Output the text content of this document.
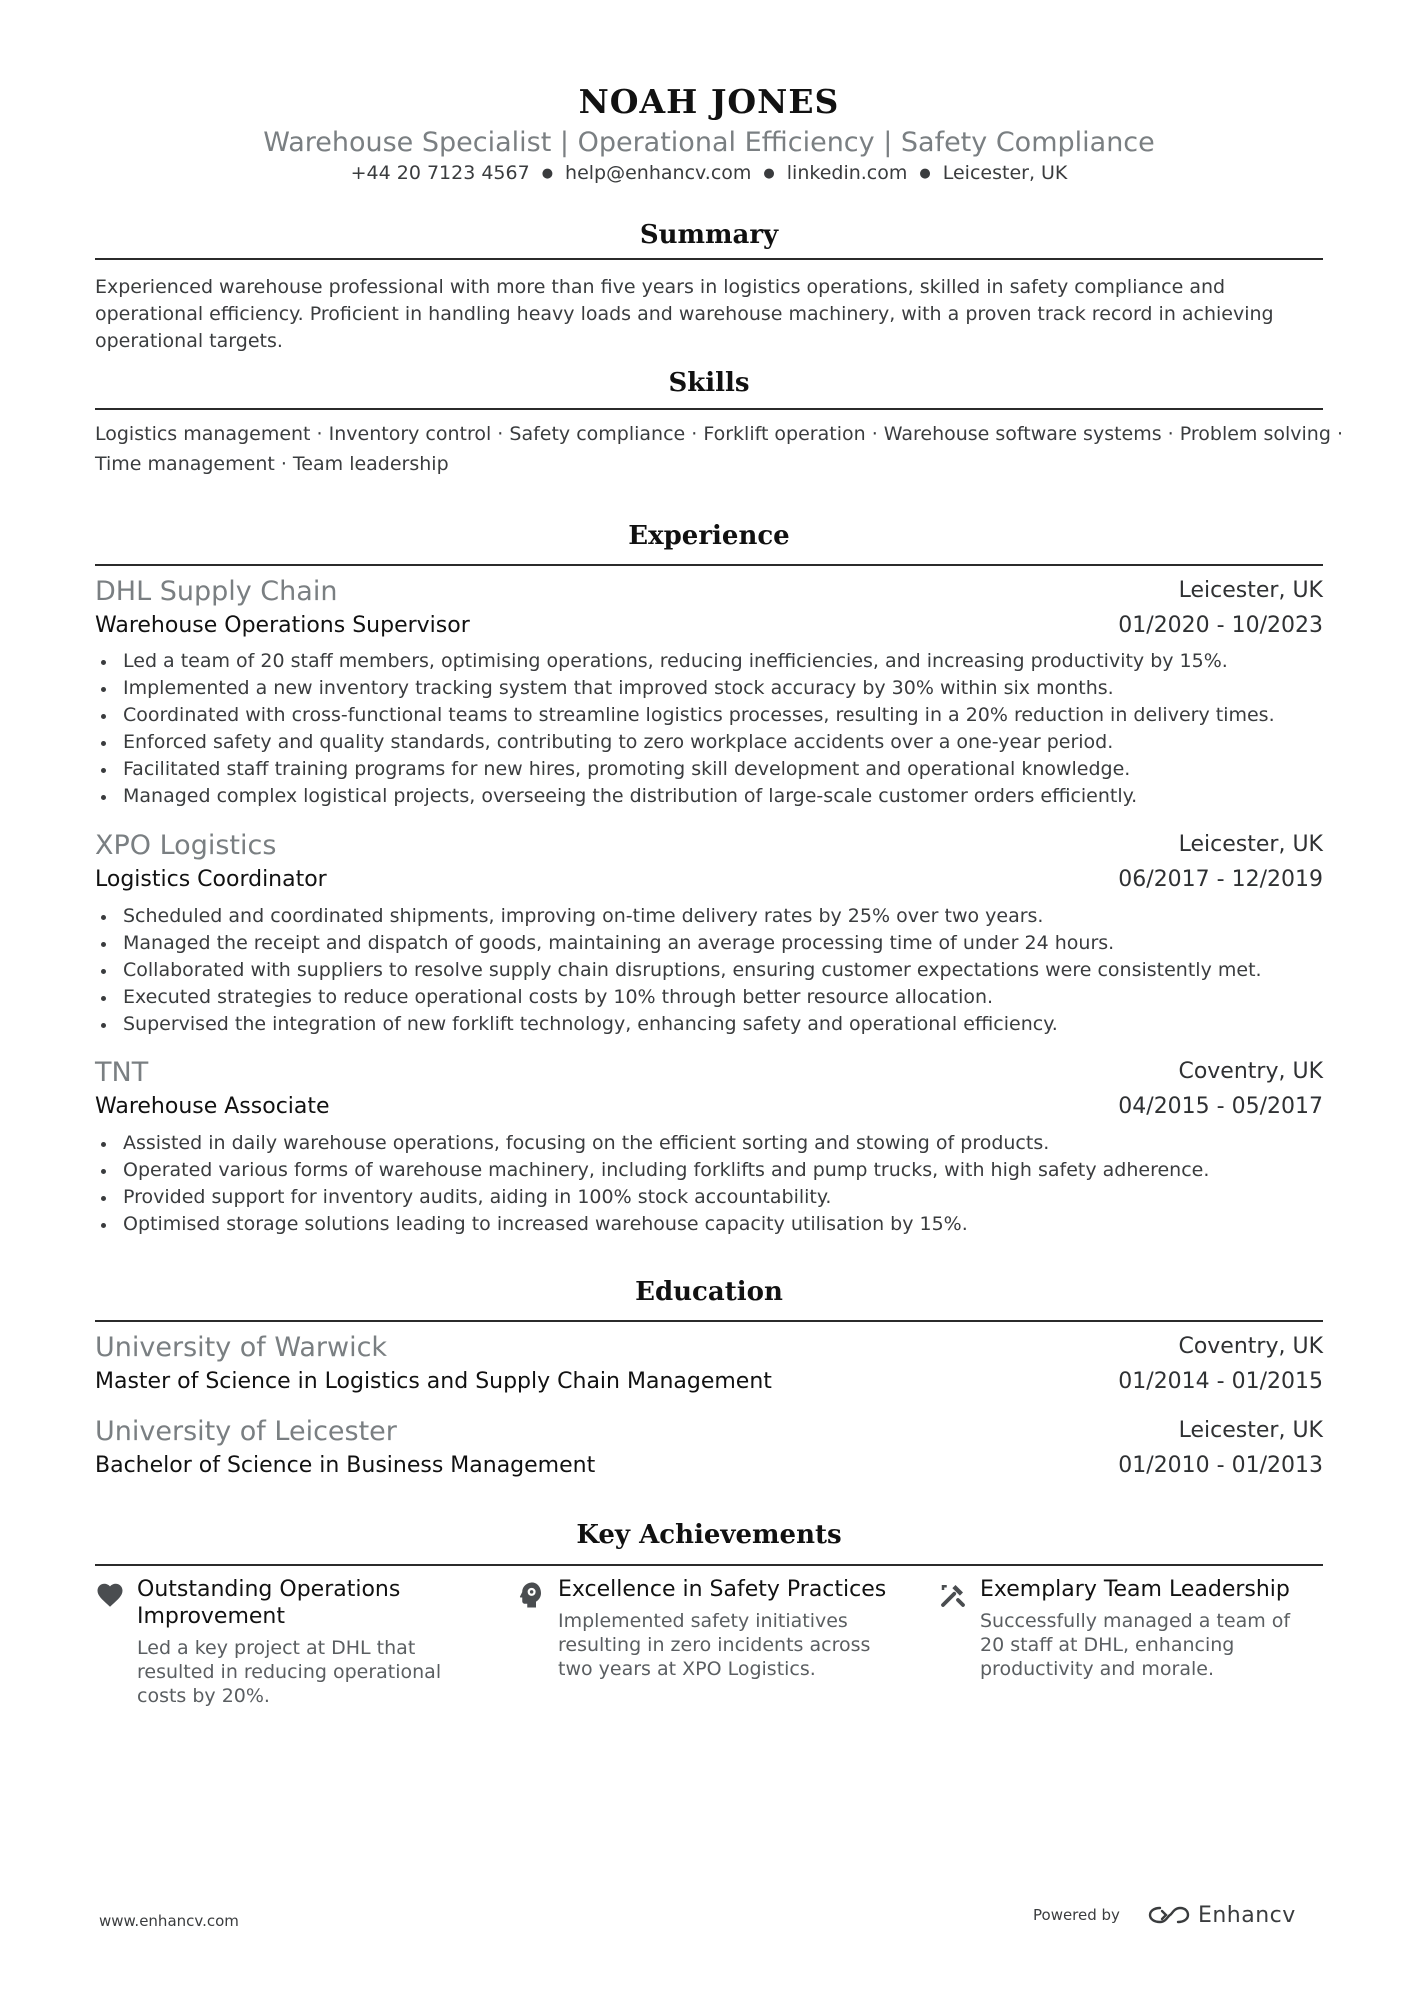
NOAH JONES
Warehouse Specialist | Operational Efficiency | Safety Compliance
+44 20 7123 4567 ● help@enhancv.com ● linkedin.com ● Leicester, UK
Summary
Experienced warehouse professional with more than five years in logistics operations, skilled in safety compliance and operational efficiency. Proficient in handling heavy loads and warehouse machinery, with a proven track record in achieving operational targets.
Skills
Logistics management · Inventory control · Safety compliance · Forklift operation · Warehouse software systems · Problem solving ·
Time management · Team leadership
Experience
DHL Supply Chain	Leicester, UK
Warehouse Operations Supervisor	01/2020 - 10/2023
Led a team of 20 staff members, optimising operations, reducing inefficiencies, and increasing productivity by 15%.
Implemented a new inventory tracking system that improved stock accuracy by 30% within six months.
Coordinated with cross-functional teams to streamline logistics processes, resulting in a 20% reduction in delivery times.
Enforced safety and quality standards, contributing to zero workplace accidents over a one-year period.
Facilitated staff training programs for new hires, promoting skill development and operational knowledge.
Managed complex logistical projects, overseeing the distribution of large-scale customer orders efficiently.
XPO Logistics	Leicester, UK
Logistics Coordinator	06/2017 - 12/2019
Scheduled and coordinated shipments, improving on-time delivery rates by 25% over two years.
Managed the receipt and dispatch of goods, maintaining an average processing time of under 24 hours.
Collaborated with suppliers to resolve supply chain disruptions, ensuring customer expectations were consistently met.
Executed strategies to reduce operational costs by 10% through better resource allocation.
Supervised the integration of new forklift technology, enhancing safety and operational efficiency.
TNT	Coventry, UK
Warehouse Associate	04/2015 - 05/2017
Assisted in daily warehouse operations, focusing on the efficient sorting and stowing of products.
Operated various forms of warehouse machinery, including forklifts and pump trucks, with high safety adherence.
Provided support for inventory audits, aiding in 100% stock accountability.
Optimised storage solutions leading to increased warehouse capacity utilisation by 15%.
Education
University of Warwick	Coventry, UK
Master of Science in Logistics and Supply Chain Management	01/2014 - 01/2015
University of Leicester	Leicester, UK
Bachelor of Science in Business Management	01/2010 - 01/2013
Key Achievements
Outstanding Operations Improvement
Led a key project at DHL that resulted in reducing operational costs by 20%.
Excellence in Safety Practices
Implemented safety initiatives resulting in zero incidents across two years at XPO Logistics.
Exemplary Team Leadership
Successfully managed a team of 20 staff at DHL, enhancing productivity and morale.
www.enhancv.com	Powered by	Enhancv
